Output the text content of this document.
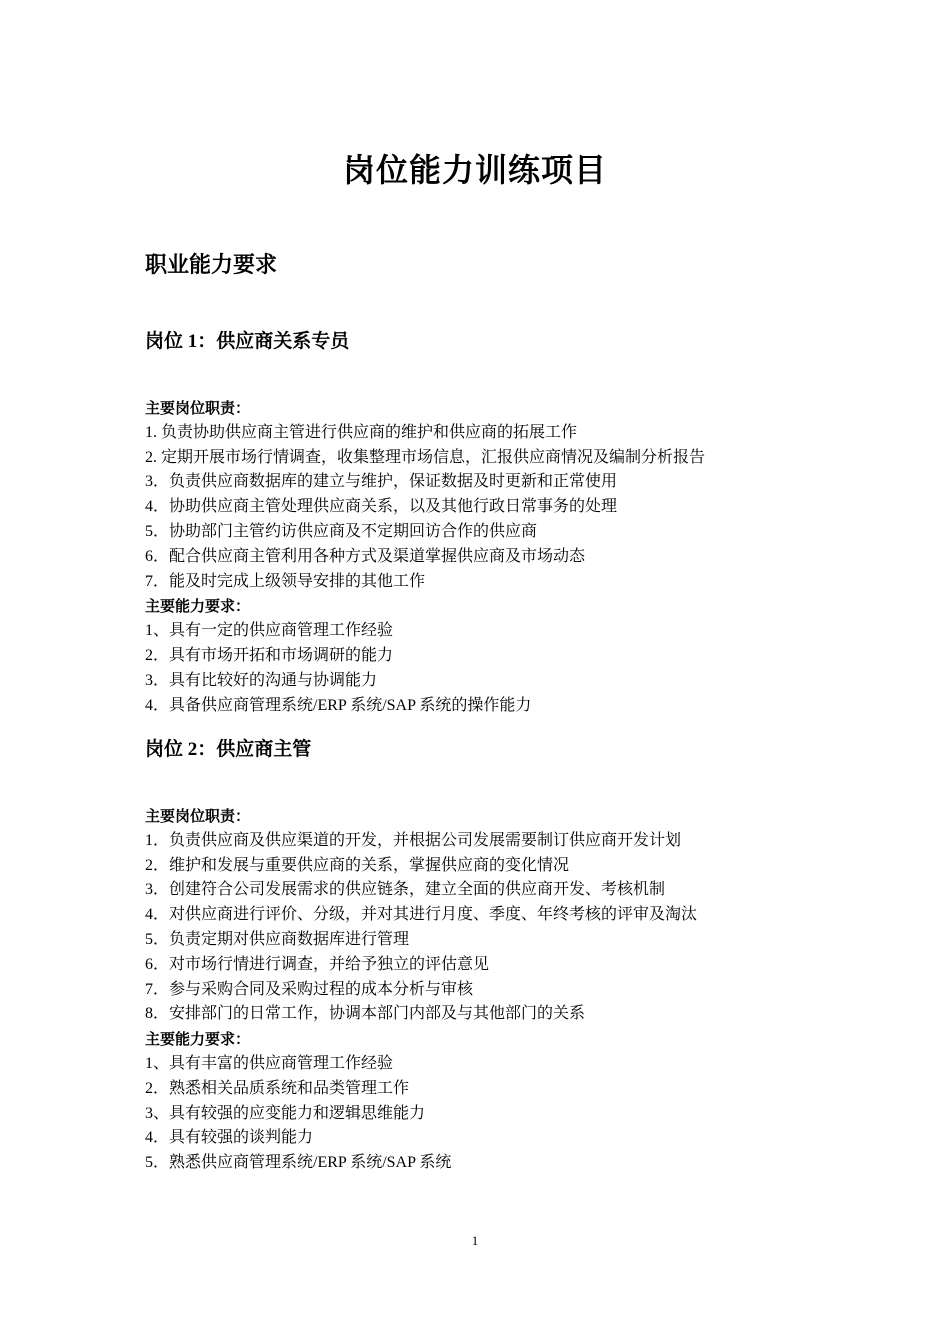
岗位能力训练项目
职业能力要求
岗位 1：供应商关系专员
主要岗位职责：
1. 负责协助供应商主管进行供应商的维护和供应商的拓展工作
2. 定期开展市场行情调查，收集整理市场信息，汇报供应商情况及编制分析报告
3．负责供应商数据库的建立与维护，保证数据及时更新和正常使用
4．协助供应商主管处理供应商关系，以及其他行政日常事务的处理
5．协助部门主管约访供应商及不定期回访合作的供应商
6．配合供应商主管利用各种方式及渠道掌握供应商及市场动态
7．能及时完成上级领导安排的其他工作
主要能力要求：
1、具有一定的供应商管理工作经验
2．具有市场开拓和市场调研的能力
3．具有比较好的沟通与协调能力
4．具备供应商管理系统/ERP 系统/SAP 系统的操作能力
岗位 2：供应商主管
主要岗位职责：
1．负责供应商及供应渠道的开发，并根据公司发展需要制订供应商开发计划
2．维护和发展与重要供应商的关系，掌握供应商的变化情况
3．创建符合公司发展需求的供应链条，建立全面的供应商开发、考核机制
4．对供应商进行评价、分级，并对其进行月度、季度、年终考核的评审及淘汰
5．负责定期对供应商数据库进行管理
6．对市场行情进行调查，并给予独立的评估意见
7．参与采购合同及采购过程的成本分析与审核
8．安排部门的日常工作，协调本部门内部及与其他部门的关系
主要能力要求：
1、具有丰富的供应商管理工作经验
2．熟悉相关品质系统和品类管理工作
3、具有较强的应变能力和逻辑思维能力
4．具有较强的谈判能力
5．熟悉供应商管理系统/ERP 系统/SAP 系统
1
